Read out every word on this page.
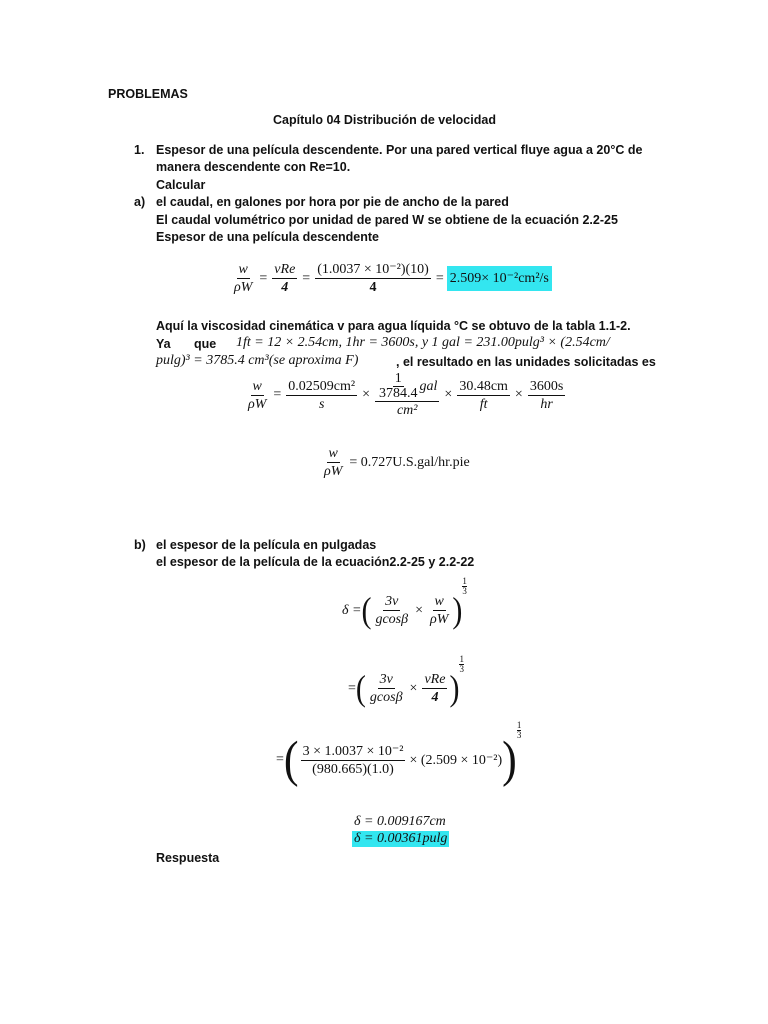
PROBLEMAS
Capítulo 04 Distribución de velocidad
1. Espesor de una película descendente. Por una pared vertical fluye agua a 20°C de
manera descendente con Re=10.
Calcular
a) el caudal, en galones por hora por pie de ancho de la pared
El caudal volumétrico por unidad de pared W se obtiene de la ecuación 2.2-25
Espesor de una película descendente
$\frac{w}{\rho W} = \frac{\text{vRe}}{4} = \frac{\text{(1.0037 × 10⁻²)(10)}}{4} = 2.509\times 10^{-2}cm^2/s$
Aquí la viscosidad cinemática v para agua líquida °C se obtuvo de la tabla 1.1-2.
Ya que 1ft = 12 × 2.54cm, 1hr = 3600s, y 1 gal = 231.00pulg³ × (2.54cm/
pulg)³ = 3785.4 cm³(se aproxima F)	, el resultado en las unidades solicitadas es
$\frac{w}{\rho W} = \frac{\text{0.02509cm²}}{s} \times \frac{\frac{1}{3784.4} gal}{\text{cm²}} \times \frac{30.48cm}{ft} \times \frac{3600s}{hr}$
$\frac{w}{\rho W} = 0.727U.S.gal/hr.pie$
b) el espesor de la película en pulgadas
el espesor de la película de la ecuación2.2-25 y 2.2-22
δ = ( $\frac{3v}{gcos\beta} \times \frac{w}{\rho W}$ )
1
3
= ( $\frac{3v}{gcos\beta} \times \frac{\text{vRe}}{4}$ )
1
3
= ( $\frac{\text{3 × 1.0037 × 10⁻²}}{(980.665)(1.0)} \times (2.509 \times 10^{-2})$ )
1
3
δ = 0.009167cm
δ = 0.00361pulg
Respuesta
